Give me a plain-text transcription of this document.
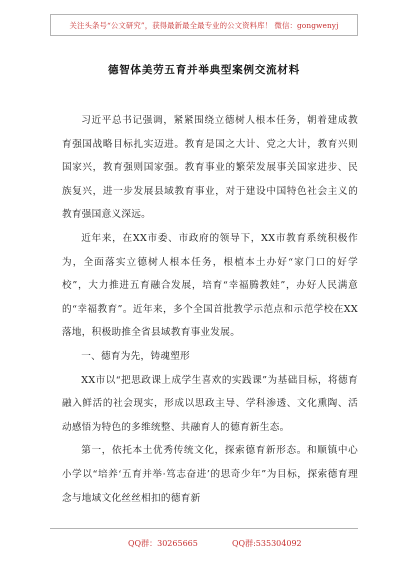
关注头条号“公文研究”，获得最新最全最专业的公文资料库！ 微信：gongwenyj
德智体美劳五育并举典型案例交流材料

习近平总书记强调，紧紧围绕立德树人根本任务，朝着建成教育强国战略目标扎实迈进。教育是国之大计、党之大计，教育兴则国家兴，教育强则国家强。教育事业的繁荣发展事关国家进步、民族复兴，进一步发展县域教育事业，对于建设中国特色社会主义的教育强国意义深远。

近年来，在XX市委、市政府的领导下，XX市教育系统积极作为，全面落实立德树人根本任务，根植本土办好“家门口的好学校”，大力推进五育融合发展，培育“幸福腾教娃”，办好人民满意的“幸福教育”。近年来，多个全国首批教学示范点和示范学校在XX落地，积极助推全省县域教育事业发展。

一、德育为先，铸魂塑形

XX市以“把思政课上成学生喜欢的实践课”为基础目标，将德育融入鲜活的社会现实，形成以思政主导、学科渗透、文化熏陶、活动感悟为特色的多维统整、共融育人的德育新生态。

第一，依托本土优秀传统文化，探索德育新形态。和顺镇中心小学以“培养‘五育并举·笃志奋进’的思奇少年”为目标，探索德育理念与地域文化丝丝相扣的德育新

QQ群：30265665	QQ群:535304092
